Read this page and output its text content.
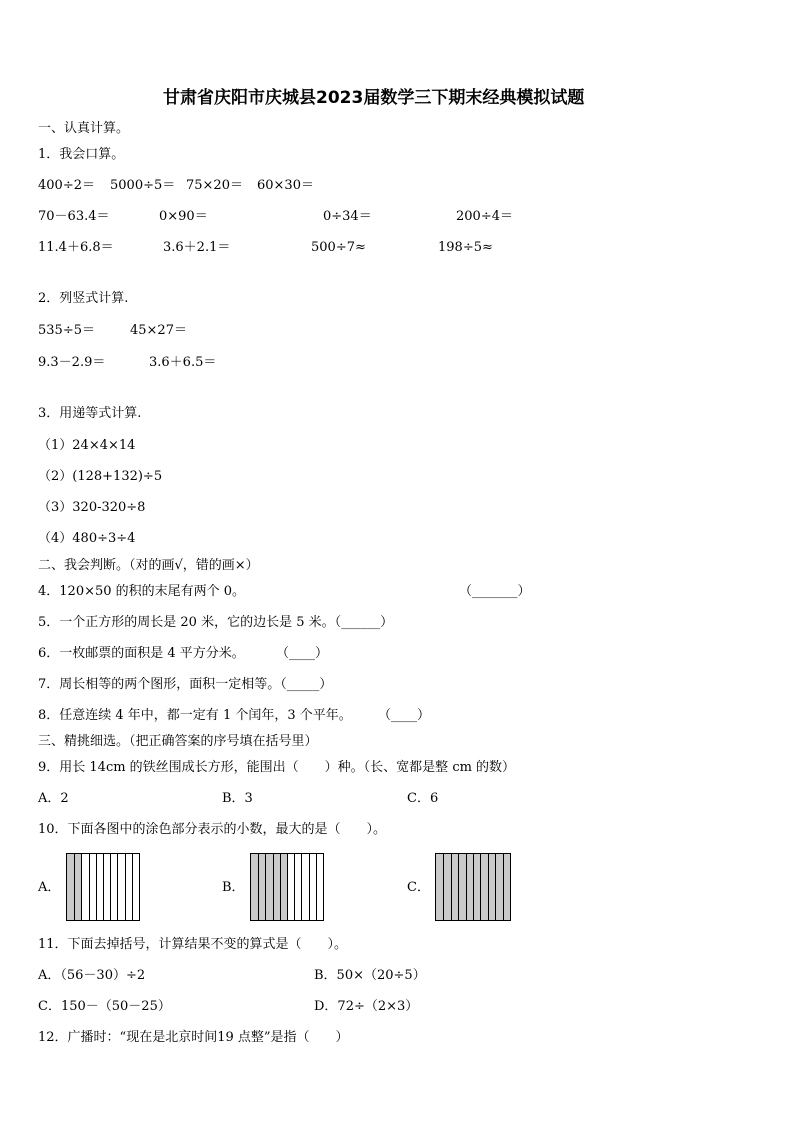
甘肃省庆阳市庆城县2023届数学三下期末经典模拟试题
一、认真计算。
1．我会口算。
400÷2＝ 5000÷5＝ 75×20＝ 60×30＝
70－63.4＝	0×90＝	0÷34＝	200÷4＝
11.4＋6.8＝	3.6＋2.1＝	500÷7≈	198÷5≈
2．列竖式计算.
535÷5＝	45×27＝
9.3－2.9＝	3.6＋6.5＝
3．用递等式计算.
（1）24×4×14
（2）(128+132)÷5
（3）320-320÷8
（4）480÷3÷4
二、我会判断。（对的画√，错的画×）
4．120×50 的积的末尾有两个 0。	（_______）
5．一个正方形的周长是 20 米，它的边长是 5 米。（______）
6．一枚邮票的面积是 4 平方分米。 （____）
7．周长相等的两个图形，面积一定相等。（_____）
8．任意连续 4 年中，都一定有 1 个闰年，3 个平年。 （____）
三、精挑细选。（把正确答案的序号填在括号里）
9．用长 14cm 的铁丝围成长方形，能围出（　　）种。（长、宽都是整 cm 的数）
A．2	B．3	C．6
10．下面各图中的涂色部分表示的小数，最大的是（　　）。
A．	B．	C．
11．下面去掉括号，计算结果不变的算式是（　　）。
A．（56－30）÷2	B．50×（20÷5）
C．150－（50－25）	D．72÷（2×3）
12．广播时：“现在是北京时间19 点整”是指（　　）
